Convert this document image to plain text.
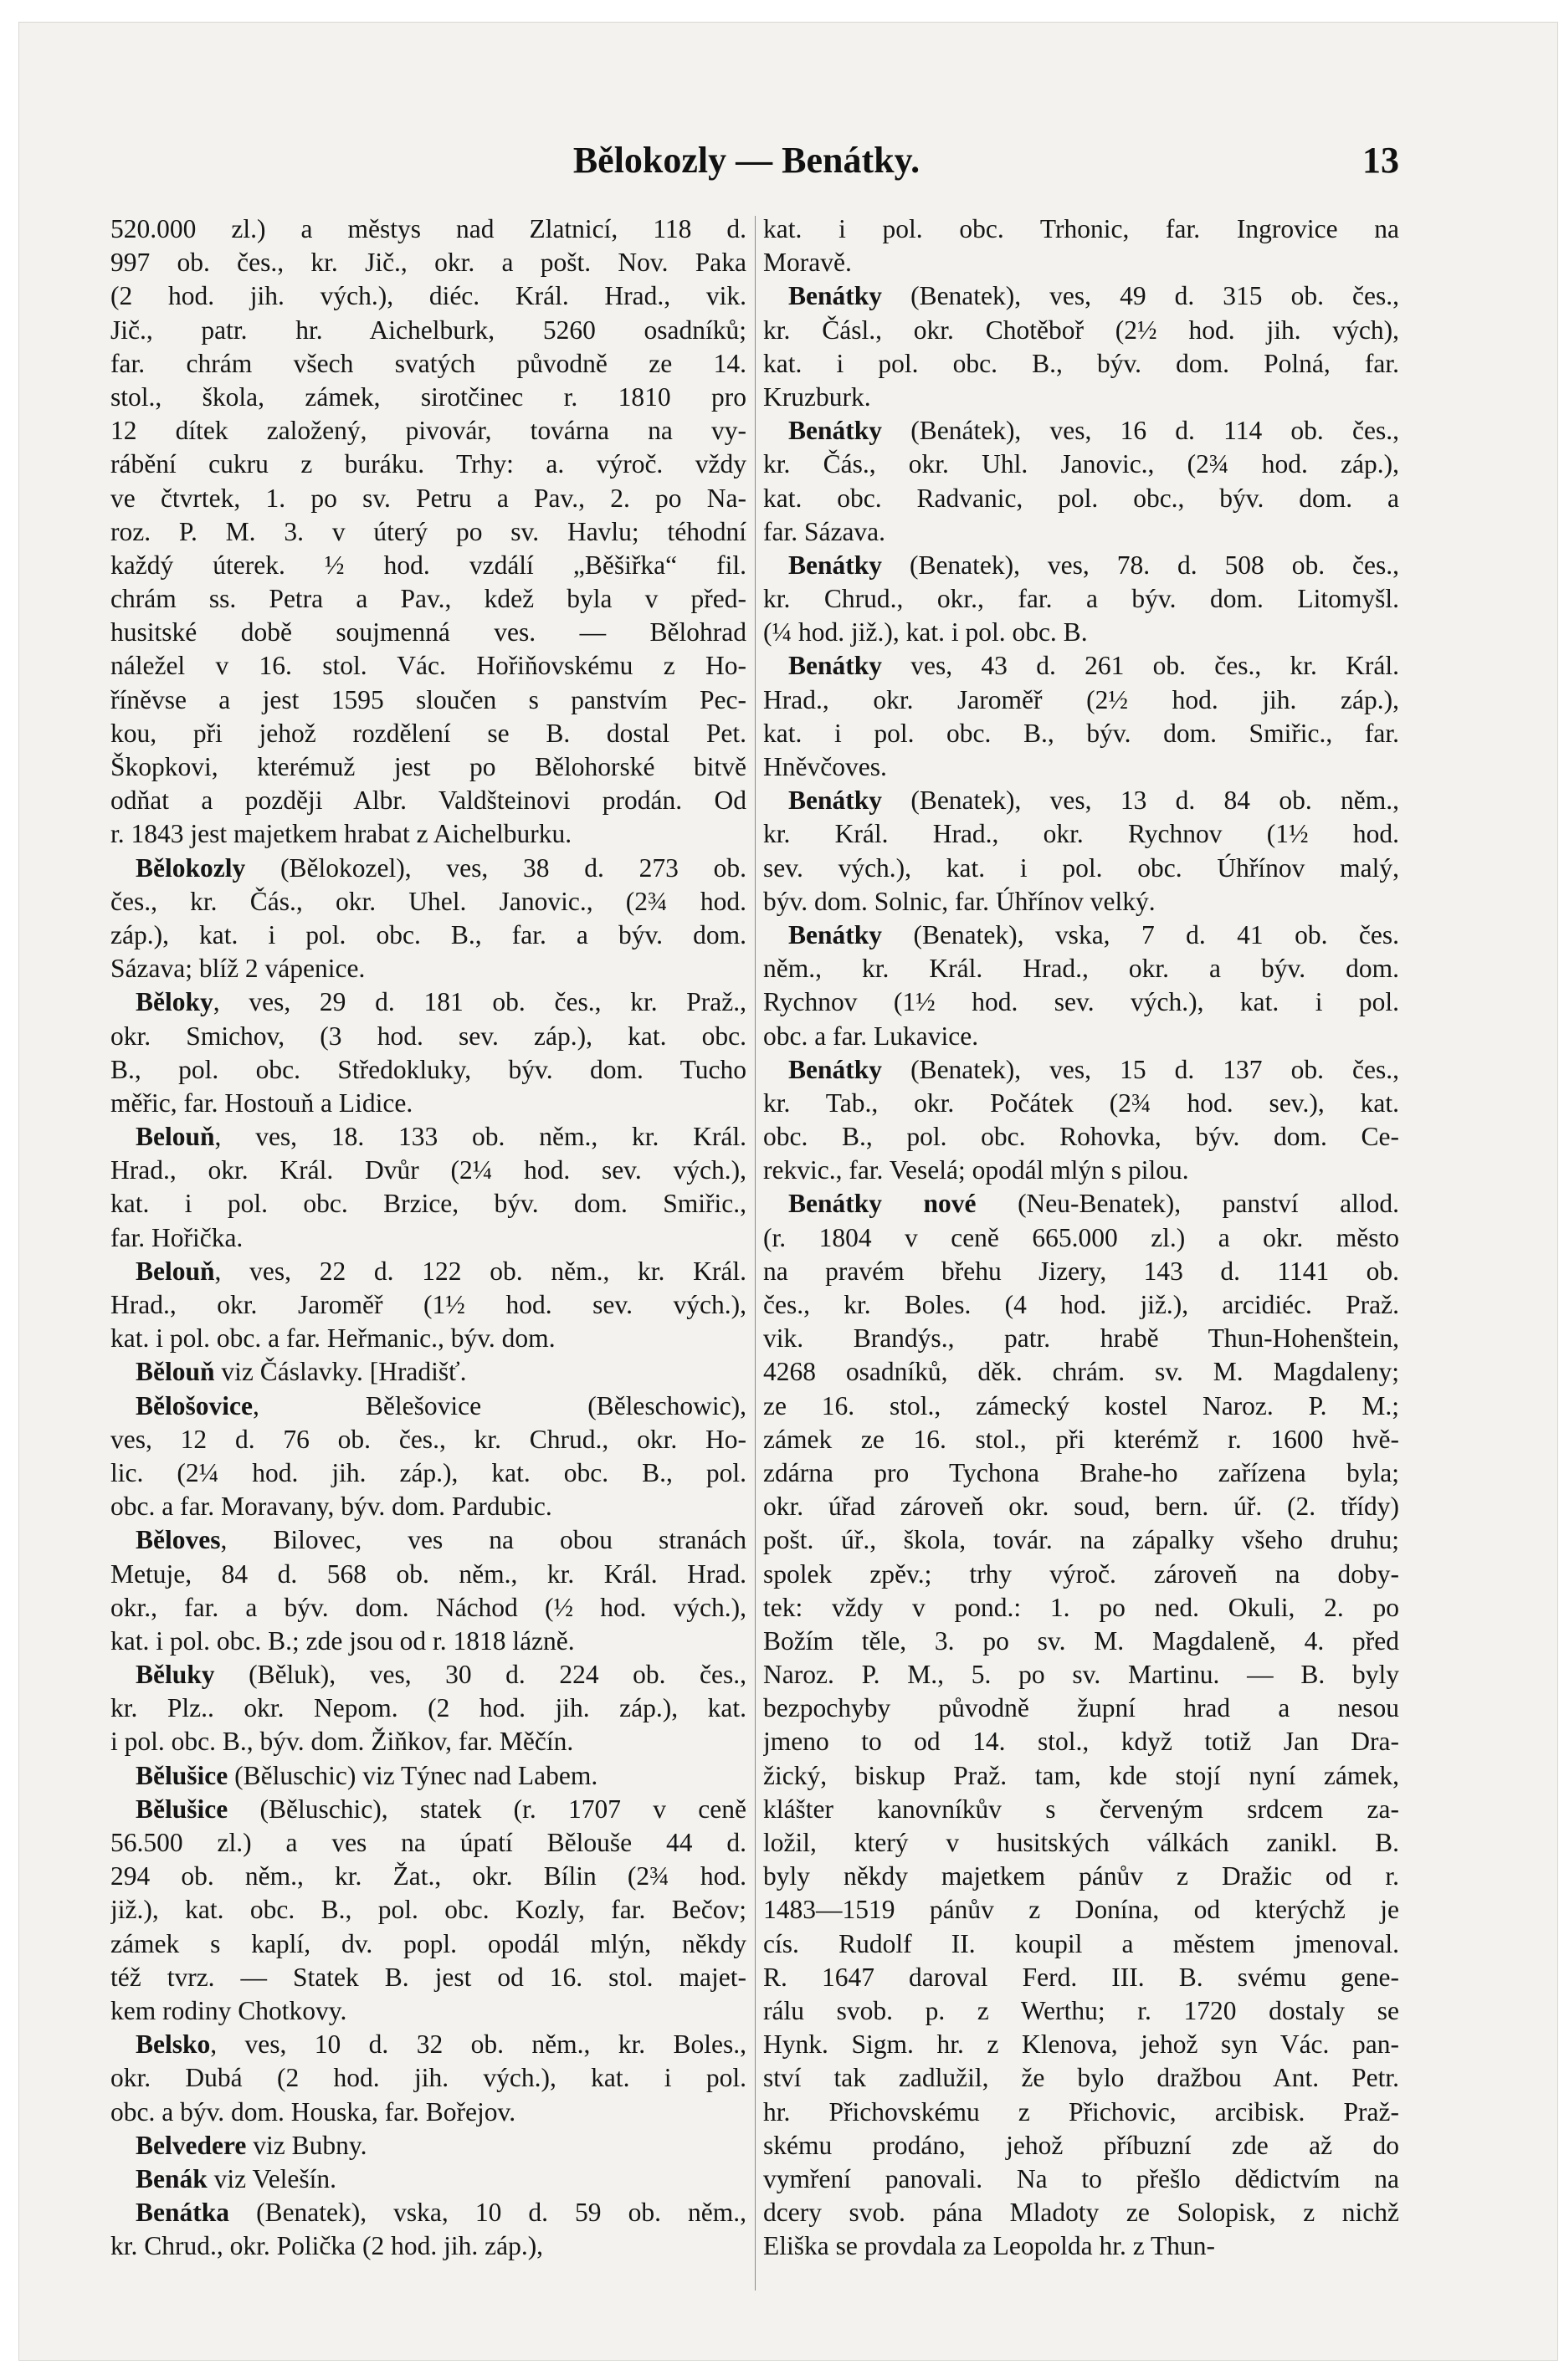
Bělokozly — Benátky.	13
520.000 zl.) a městys nad Zlatnicí, 118 d.
997 ob. čes., kr. Jič., okr. a pošt. Nov. Paka
(2 hod. jih. vých.), diéc. Král. Hrad., vik.
Jič., patr. hr. Aichelburk, 5260 osadníků;
far. chrám všech svatých původně ze 14.
stol., škola, zámek, sirotčinec r. 1810 pro
12 dítek založený, pivovár, továrna na vy-
rábění cukru z buráku. Trhy: a. výroč. vždy
ve čtvrtek, 1. po sv. Petru a Pav., 2. po Na-
roz. P. M. 3. v úterý po sv. Havlu; téhodní
každý úterek. ½ hod. vzdálí „Běšiřka“ fil.
chrám ss. Petra a Pav., kdež byla v před-
husitské době soujmenná ves. — Bělohrad
náležel v 16. stol. Vác. Hořiňovskému z Ho-
říněvse a jest 1595 sloučen s panstvím Pec-
kou, při jehož rozdělení se B. dostal Pet.
Škopkovi, kterémuž jest po Bělohorské bitvě
odňat a později Albr. Valdšteinovi prodán. Od
r. 1843 jest majetkem hrabat z Aichelburku.
Bělokozly (Bělokozel), ves, 38 d. 273 ob.
čes., kr. Čás., okr. Uhel. Janovic., (2¾ hod.
záp.), kat. i pol. obc. B., far. a býv. dom.
Sázava; blíž 2 vápenice.
Běloky, ves, 29 d. 181 ob. čes., kr. Praž.,
okr. Smichov, (3 hod. sev. záp.), kat. obc.
B., pol. obc. Středokluky, býv. dom. Tucho
měřic, far. Hostouň a Lidice.
Belouň, ves, 18. 133 ob. něm., kr. Král.
Hrad., okr. Král. Dvůr (2¼ hod. sev. vých.),
kat. i pol. obc. Brzice, býv. dom. Smiřic.,
far. Hořička.
Belouň, ves, 22 d. 122 ob. něm., kr. Král.
Hrad., okr. Jaroměř (1½ hod. sev. vých.),
kat. i pol. obc. a far. Heřmanic., býv. dom.
Bělouň viz Čáslavky. [Hradišť.
Bělošovice, Bělešovice (Běleschowic),
ves, 12 d. 76 ob. čes., kr. Chrud., okr. Ho-
lic. (2¼ hod. jih. záp.), kat. obc. B., pol.
obc. a far. Moravany, býv. dom. Pardubic.
Běloves, Bilovec, ves na obou stranách
Metuje, 84 d. 568 ob. něm., kr. Král. Hrad.
okr., far. a býv. dom. Náchod (½ hod. vých.),
kat. i pol. obc. B.; zde jsou od r. 1818 lázně.
Běluky (Běluk), ves, 30 d. 224 ob. čes.,
kr. Plz.. okr. Nepom. (2 hod. jih. záp.), kat.
i pol. obc. B., býv. dom. Žiňkov, far. Měčín.
Bělušice (Běluschic) viz Týnec nad Labem.
Bělušice (Běluschic), statek (r. 1707 v ceně
56.500 zl.) a ves na úpatí Bělouše 44 d.
294 ob. něm., kr. Žat., okr. Bílin (2¾ hod.
již.), kat. obc. B., pol. obc. Kozly, far. Bečov;
zámek s kaplí, dv. popl. opodál mlýn, někdy
též tvrz. — Statek B. jest od 16. stol. majet-
kem rodiny Chotkovy.
Belsko, ves, 10 d. 32 ob. něm., kr. Boles.,
okr. Dubá (2 hod. jih. vých.), kat. i pol.
obc. a býv. dom. Houska, far. Bořejov.
Belvedere viz Bubny.
Benák viz Velešín.
Benátka (Benatek), vska, 10 d. 59 ob. něm.,
kr. Chrud., okr. Polička (2 hod. jih. záp.),
kat. i pol. obc. Trhonic, far. Ingrovice na
Moravě.
Benátky (Benatek), ves, 49 d. 315 ob. čes.,
kr. Čásl., okr. Chotěboř (2½ hod. jih. vých),
kat. i pol. obc. B., býv. dom. Polná, far.
Kruzburk.
Benátky (Benátek), ves, 16 d. 114 ob. čes.,
kr. Čás., okr. Uhl. Janovic., (2¾ hod. záp.),
kat. obc. Radvanic, pol. obc., býv. dom. a
far. Sázava.
Benátky (Benatek), ves, 78. d. 508 ob. čes.,
kr. Chrud., okr., far. a býv. dom. Litomyšl.
(¼ hod. již.), kat. i pol. obc. B.
Benátky ves, 43 d. 261 ob. čes., kr. Král.
Hrad., okr. Jaroměř (2½ hod. jih. záp.),
kat. i pol. obc. B., býv. dom. Smiřic., far.
Hněvčoves.
Benátky (Benatek), ves, 13 d. 84 ob. něm.,
kr. Král. Hrad., okr. Rychnov (1½ hod.
sev. vých.), kat. i pol. obc. Úhřínov malý,
býv. dom. Solnic, far. Úhřínov velký.
Benátky (Benatek), vska, 7 d. 41 ob. čes.
něm., kr. Král. Hrad., okr. a býv. dom.
Rychnov (1½ hod. sev. vých.), kat. i pol.
obc. a far. Lukavice.
Benátky (Benatek), ves, 15 d. 137 ob. čes.,
kr. Tab., okr. Počátek (2¾ hod. sev.), kat.
obc. B., pol. obc. Rohovka, býv. dom. Ce-
rekvic., far. Veselá; opodál mlýn s pilou.
Benátky nové (Neu-Benatek), panství allod.
(r. 1804 v ceně 665.000 zl.) a okr. město
na pravém břehu Jizery, 143 d. 1141 ob.
čes., kr. Boles. (4 hod. již.), arcidiéc. Praž.
vik. Brandýs., patr. hrabě Thun-Hohenštein,
4268 osadníků, děk. chrám. sv. M. Magdaleny;
ze 16. stol., zámecký kostel Naroz. P. M.;
zámek ze 16. stol., při kterémž r. 1600 hvě-
zdárna pro Tychona Brahe-ho zařízena byla;
okr. úřad zároveň okr. soud, bern. úř. (2. třídy)
pošt. úř., škola, továr. na zápalky všeho druhu;
spolek zpěv.; trhy výroč. zároveň na doby-
tek: vždy v pond.: 1. po ned. Okuli, 2. po
Božím těle, 3. po sv. M. Magdaleně, 4. před
Naroz. P. M., 5. po sv. Martinu. — B. byly
bezpochyby původně župní hrad a nesou
jmeno to od 14. stol., když totiž Jan Dra-
žický, biskup Praž. tam, kde stojí nyní zámek,
klášter kanovníkův s červeným srdcem za-
ložil, který v husitských válkách zanikl. B.
byly někdy majetkem pánův z Dražic od r.
1483—1519 pánův z Donína, od kterýchž je
cís. Rudolf II. koupil a městem jmenoval.
R. 1647 daroval Ferd. III. B. svému gene-
rálu svob. p. z Werthu; r. 1720 dostaly se
Hynk. Sigm. hr. z Klenova, jehož syn Vác. pan-
ství tak zadlužil, že bylo dražbou Ant. Petr.
hr. Přichovskému z Přichovic, arcibisk. Praž-
skému prodáno, jehož příbuzní zde až do
vymření panovali. Na to přešlo dědictvím na
dcery svob. pána Mladoty ze Solopisk, z nichž
Eliška se provdala za Leopolda hr. z Thun-
